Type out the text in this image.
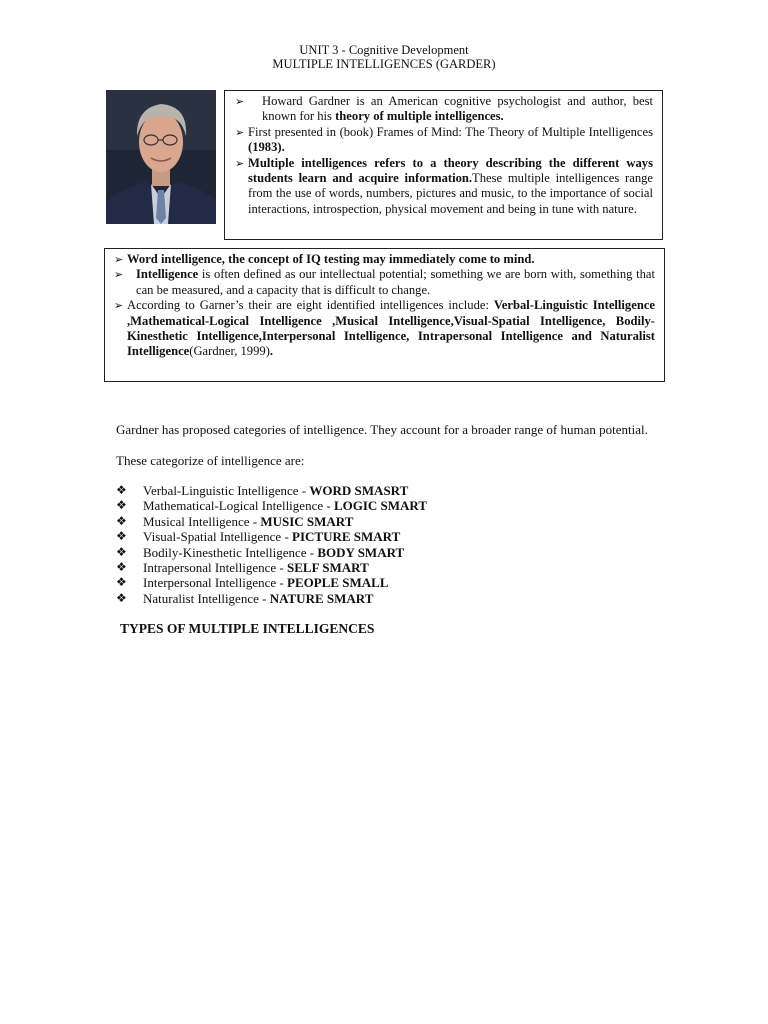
UNIT 3 - Cognitive Development
MULTIPLE INTELLIGENCES (GARDER)

➢ Howard Gardner is an American cognitive psychologist and author, best known for his theory of multiple intelligences.

➢ First presented in (book) Frames of Mind: The Theory of Multiple Intelligences (1983).

➢ Multiple intelligences refers to a theory describing the different ways students learn and acquire information.These multiple intelligences range from the use of words, numbers, pictures and music, to the importance of social interactions, introspection, physical movement and being in tune with nature.

➢ Word intelligence, the concept of IQ testing may immediately come to mind.

➢ Intelligence is often defined as our intellectual potential; something we are born with, something that can be measured, and a capacity that is difficult to change.

➢ According to Garner’s their are eight identified intelligences include: Verbal-Linguistic Intelligence ,Mathematical-Logical Intelligence ,Musical Intelligence,Visual-Spatial Intelligence, Bodily-Kinesthetic Intelligence,Interpersonal Intelligence, Intrapersonal Intelligence and Naturalist Intelligence(Gardner, 1999).

Gardner has proposed categories of intelligence. They account for a broader range of human potential.
These categorize of intelligence are:
❖ Verbal-Linguistic Intelligence - WORD SMASRT
❖ Mathematical-Logical Intelligence - LOGIC SMART
❖ Musical Intelligence - MUSIC SMART
❖ Visual-Spatial Intelligence - PICTURE SMART
❖ Bodily-Kinesthetic Intelligence - BODY SMART
❖ Intrapersonal Intelligence - SELF SMART
❖ Interpersonal Intelligence - PEOPLE SMALL
❖ Naturalist Intelligence - NATURE SMART
TYPES OF MULTIPLE INTELLIGENCES
